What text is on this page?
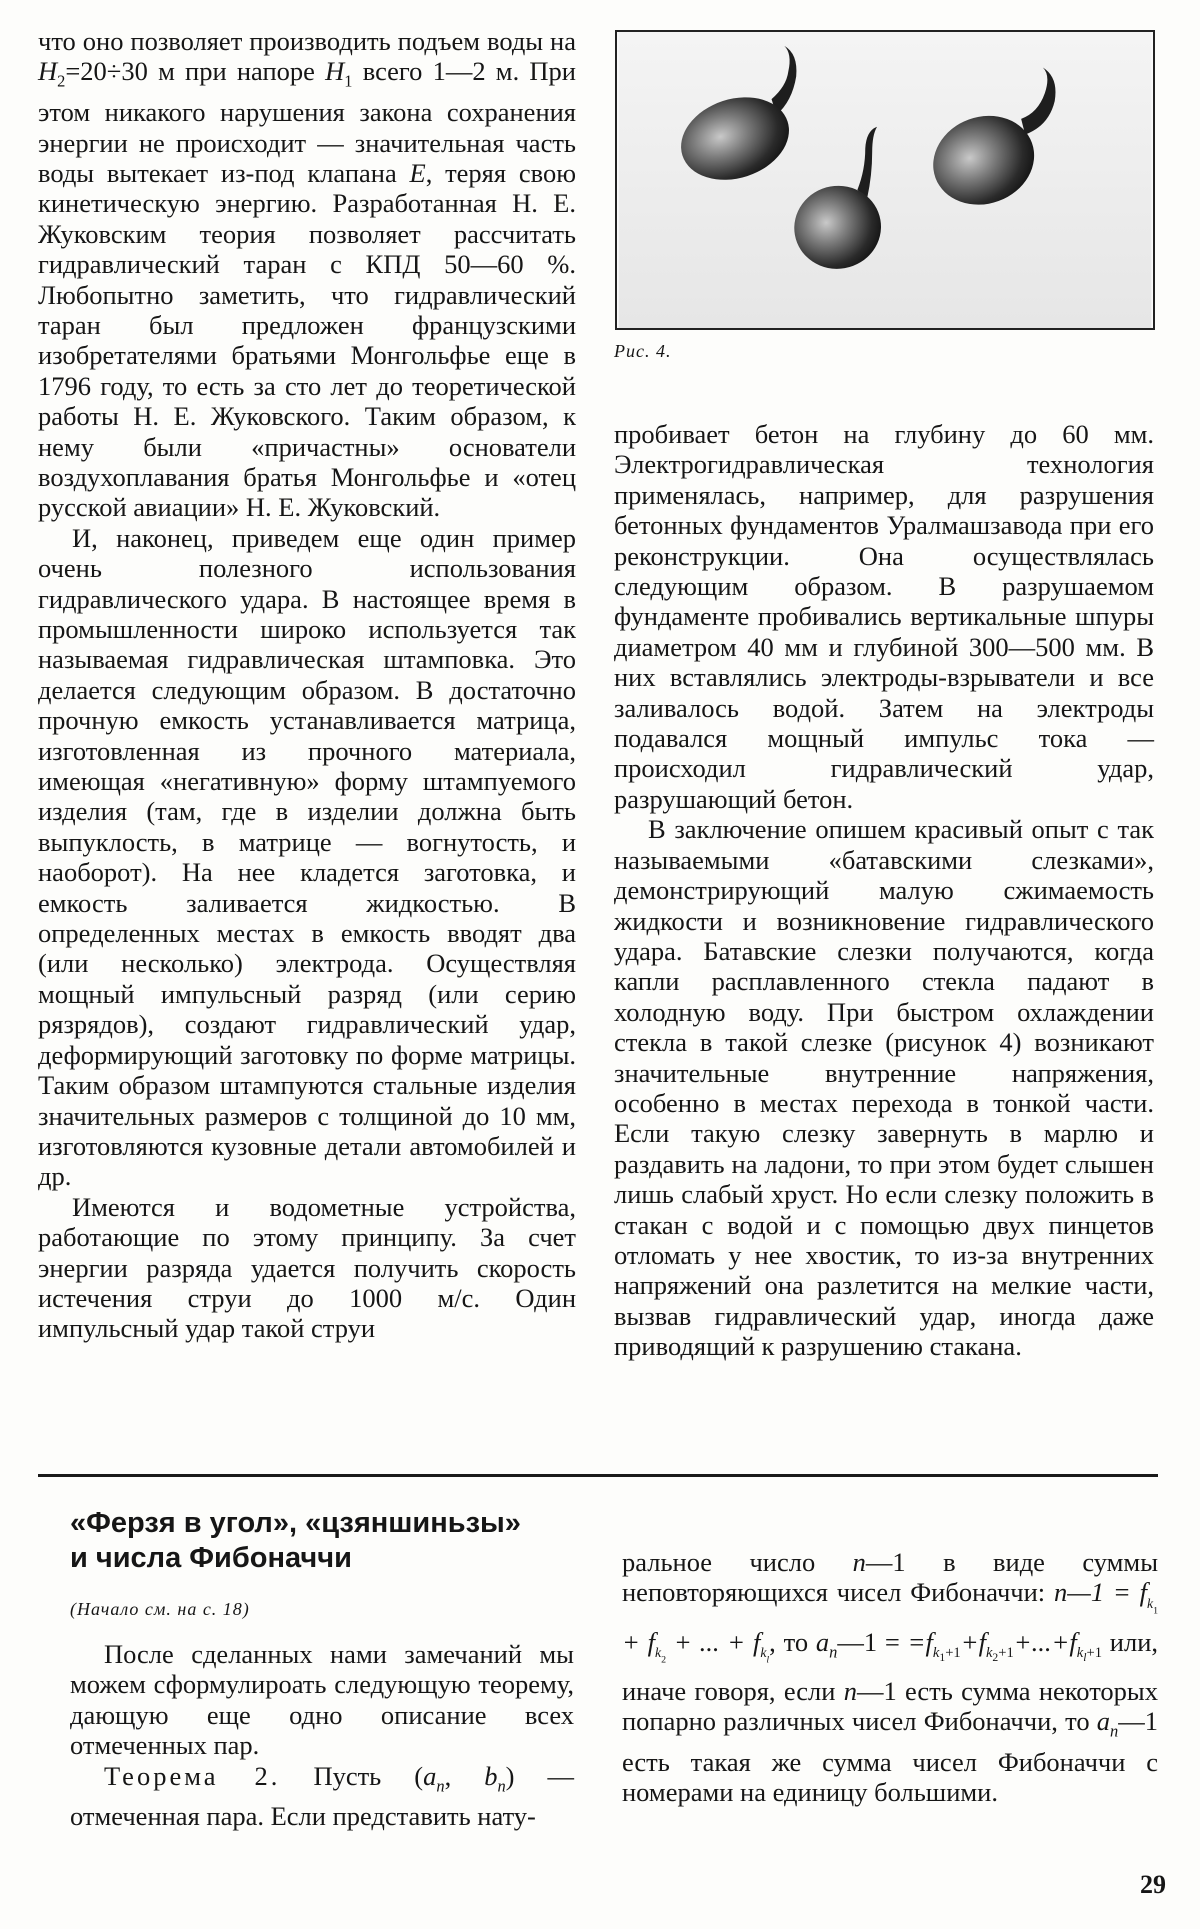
что оно позволяет производить подъем воды на $H_2=20\div 30$ м при напоре $H_1$ всего 1—2 м. При этом никакого нарушения закона сохранения энергии не происходит — значительная часть воды вытекает из-под клапана E, теряя свою кинетическую энергию. Разработанная Н. Е. Жуковским теория позволяет рассчитать гидравлический таран с КПД 50—60 %. Любопытно заметить, что гидравлический таран был предложен французскими изобретателями братьями Монгольфье еще в 1796 году, то есть за сто лет до теоретической работы Н. Е. Жуковского. Таким образом, к нему были «причастны» основатели воздухоплавания братья Монгольфье и «отец русской авиации» Н. Е. Жуковский.

И, наконец, приведем еще один пример очень полезного использования гидравлического удара. В настоящее время в промышленности широко используется так называемая гидравлическая штамповка. Это делается следующим образом. В достаточно прочную емкость устанавливается матрица, изготовленная из прочного материала, имеющая «негативную» форму штампуемого изделия (там, где в изделии должна быть выпуклость, в матрице — вогнутость, и наоборот). На нее кладется заготовка, и емкость заливается жидкостью. В определенных местах в емкость вводят два (или несколько) электрода. Осуществляя мощный импульсный разряд (или серию рязрядов), создают гидравлический удар, деформирующий заготовку по форме матрицы. Таким образом штампуются стальные изделия значительных размеров с толщиной до 10 мм, изготовляются кузовные детали автомобилей и др.

Имеются и водометные устройства, работающие по этому принципу. За счет энергии разряда удается получить скорость истечения струи до 1000 м/с. Один импульсный удар такой струи

Рис. 4.

пробивает бетон на глубину до 60 мм. Электрогидравлическая технология применялась, например, для разрушения бетонных фундаментов Уралмашзавода при его реконструкции. Она осуществлялась следующим образом. В разрушаемом фундаменте пробивались вертикальные шпуры диаметром 40 мм и глубиной 300—500 мм. В них вставлялись электроды-взрыватели и все заливалось водой. Затем на электроды подавался мощный импульс тока — происходил гидравлический удар, разрушающий бетон.

В заключение опишем красивый опыт с так называемыми «батавскими слезками», демонстрирующий малую сжимаемость жидкости и возникновение гидравлического удара. Батавские слезки получаются, когда капли расплавленного стекла падают в холодную воду. При быстром охлаждении стекла в такой слезке (рисунок 4) возникают значительные внутренние напряжения, особенно в местах перехода в тонкой части. Если такую слезку завернуть в марлю и раздавить на ладони, то при этом будет слышен лишь слабый хруст. Но если слезку положить в стакан с водой и с помощью двух пинцетов отломать у нее хвостик, то из-за внутренних напряжений она разлетится на мелкие части, вызвав гидравлический удар, иногда даже приводящий к разрушению стакана.

«Ферзя в угол», «цзяншиньзы»
и числа Фибоначчи
(Начало см. на с. 18)

После сделанных нами замечаний мы можем сформулироать следующую теорему, дающую еще одно описание всех отмеченных пар.

Теорема 2. Пусть ($a_n$, $b_n$) — отмеченная пара. Если представить нату-

ральное число n—1 в виде суммы неповторяющихся чисел Фибоначчи: n—1 = $f_{k_1} + f_{k_2}$ + ... + $f_{k_l}$, то $a_n—1 = =f_{k_1+1}+f_{k_2+1}+...+f_{k_l+1}$ или, иначе говоря, если n—1 есть сумма некоторых попарно различных чисел Фибоначчи, то $a_n—1$ есть такая же сумма чисел Фибоначчи с номерами на единицу большими.

29
